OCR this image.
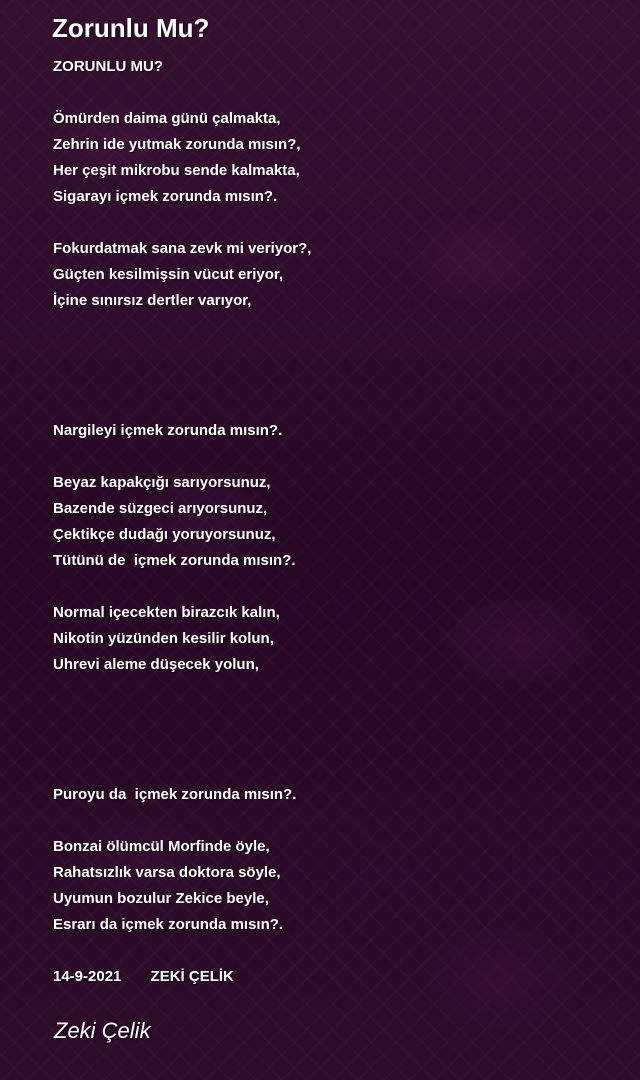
Zorunlu Mu?
ZORUNLU MU?
Ömürden daima günü çalmakta,
Zehrin ide yutmak zorunda mısın?,
Her çeşit mikrobu sende kalmakta,
Sigarayı içmek zorunda mısın?.
Fokurdatmak sana zevk mi veriyor?,
Güçten kesilmişsin vücut eriyor,
İçine sınırsız dertler varıyor,
Nargileyi içmek zorunda mısın?.
Beyaz kapakçığı sarıyorsunuz,
Bazende süzgeci arıyorsunuz,
Çektikçe dudağı yoruyorsunuz,
Tütünü de  içmek zorunda mısın?.
Normal içecekten birazcık kalın,
Nikotin yüzünden kesilir kolun,
Uhrevi aleme düşecek yolun,
Puroyu da  içmek zorunda mısın?.
Bonzai ölümcül Morfinde öyle,
Rahatsızlık varsa doktora söyle,
Uyumun bozulur Zekice beyle,
Esrarı da içmek zorunda mısın?.
14-9-2021       ZEKİ ÇELİK
Zeki Çelik
